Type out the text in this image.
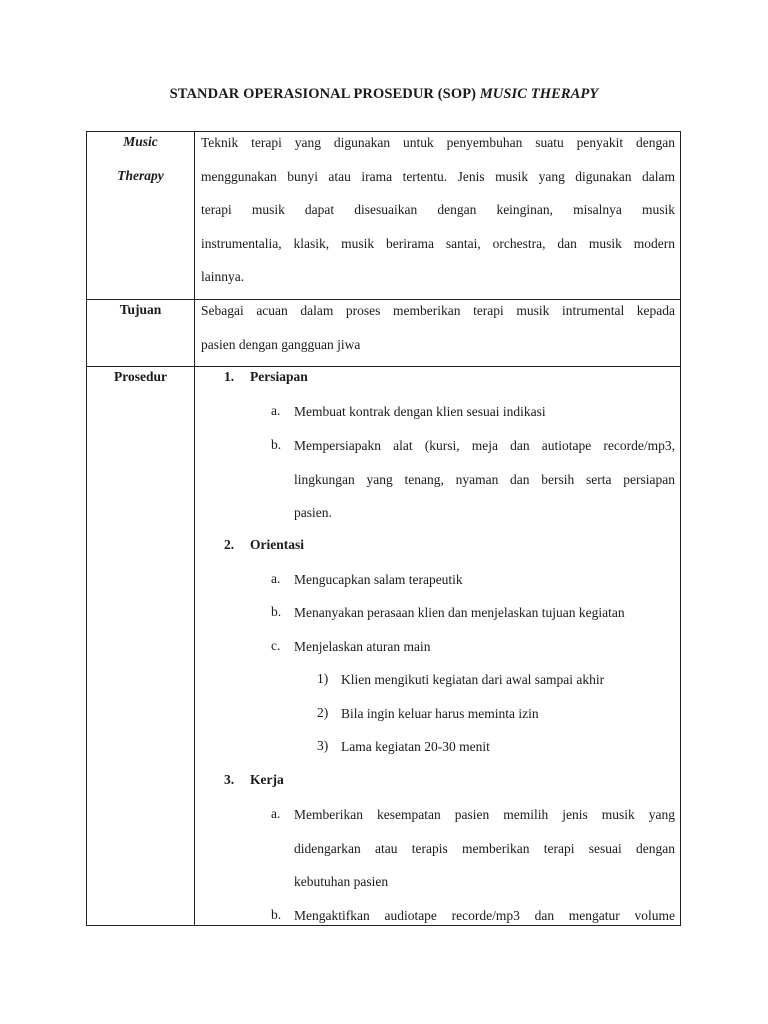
STANDAR OPERASIONAL PROSEDUR (SOP) MUSIC THERAPY
Music
Therapy

Teknik terapi yang digunakan untuk penyembuhan suatu penyakit dengan

menggunakan bunyi atau irama tertentu. Jenis musik yang digunakan dalam

terapi musik dapat disesuaikan dengan keinginan, misalnya musik

instrumentalia, klasik, musik berirama santai, orchestra, dan musik modern

lainnya.

Tujuan	Sebagai acuan dalam proses memberikan terapi musik intrumental kepada

pasien dengan gangguan jiwa

Prosedur	1. Persiapan
a. Membuat kontrak dengan klien sesuai indikasi
b. Mempersiapakn alat (kursi, meja dan autiotape recorde/mp3,
lingkungan yang tenang, nyaman dan bersih serta persiapan
pasien.
2. Orientasi
a. Mengucapkan salam terapeutik
b. Menanyakan perasaan klien dan menjelaskan tujuan kegiatan
c. Menjelaskan aturan main
1) Klien mengikuti kegiatan dari awal sampai akhir
2) Bila ingin keluar harus meminta izin
3) Lama kegiatan 20-30 menit
3. Kerja
a. Memberikan kesempatan pasien memilih jenis musik yang
didengarkan atau terapis memberikan terapi sesuai dengan
kebutuhan pasien
b. Mengaktifkan audiotape recorde/mp3 dan mengatur volume
